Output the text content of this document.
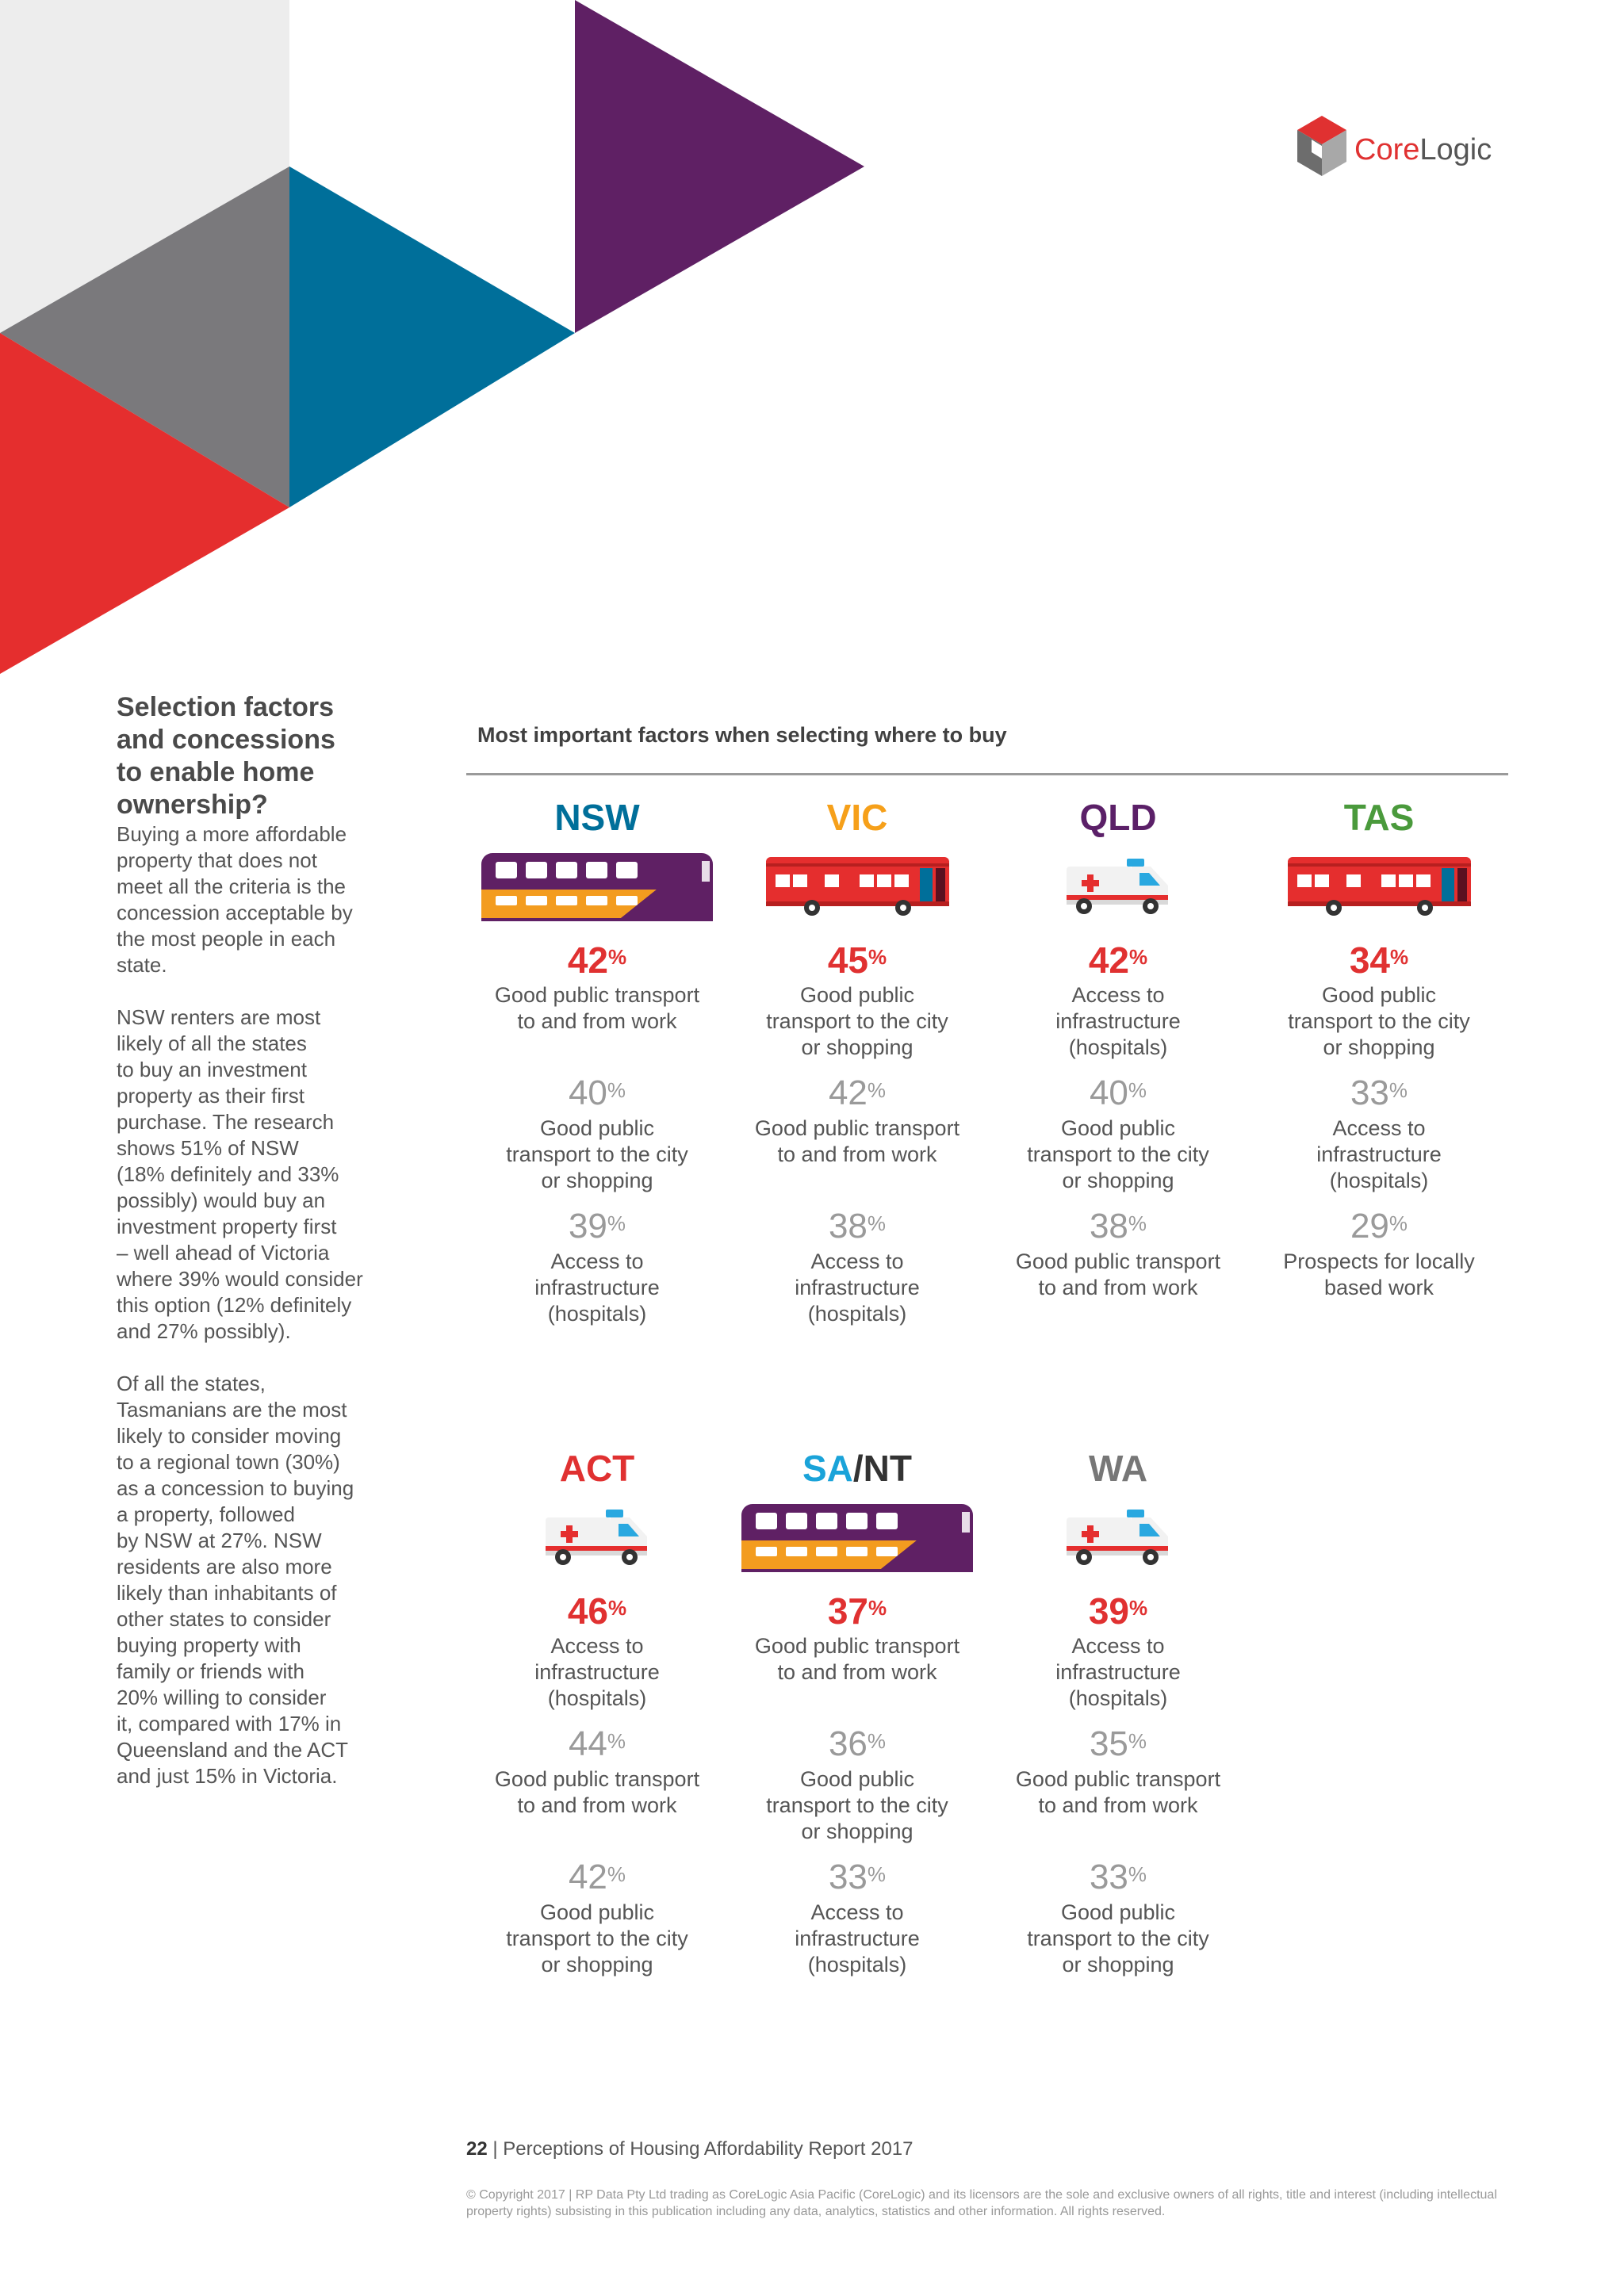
CoreLogic
Selection factors
and concessions
to enable home
ownership?

Buying a more affordable
property that does not
meet all the criteria is the
concession acceptable by
the most people in each
state.

NSW renters are most
likely of all the states
to buy an investment
property as their first
purchase. The research
shows 51% of NSW
(18% definitely and 33%
possibly) would buy an
investment property first
– well ahead of Victoria
where 39% would consider
this option (12% definitely
and 27% possibly).

Of all the states,
Tasmanians are the most
likely to consider moving
to a regional town (30%)
as a concession to buying
a property, followed
by NSW at 27%. NSW
residents are also more
likely than inhabitants of
other states to consider
buying property with
family or friends with
20% willing to consider
it, compared with 17% in
Queensland and the ACT
and just 15% in Victoria.

Most important factors when selecting where to buy
NSW
42%
Good public transport
to and from work
40%
Good public
transport to the city
or shopping
39%
Access to
infrastructure
(hospitals)
VIC
45%
Good public
transport to the city
or shopping
42%
Good public transport
to and from work
38%
Access to
infrastructure
(hospitals)
QLD
42%
Access to
infrastructure
(hospitals)
40%
Good public
transport to the city
or shopping
38%
Good public transport
to and from work
TAS
34%
Good public
transport to the city
or shopping
33%
Access to
infrastructure
(hospitals)
29%
Prospects for locally
based work
ACT
46%
Access to
infrastructure
(hospitals)
44%
Good public transport
to and from work
42%
Good public
transport to the city
or shopping
SA/NT
37%
Good public transport
to and from work
36%
Good public
transport to the city
or shopping
33%
Access to
infrastructure
(hospitals)
WA
39%
Access to
infrastructure
(hospitals)
35%
Good public transport
to and from work
33%
Good public
transport to the city
or shopping
22 | Perceptions of Housing Affordability Report 2017
© Copyright 2017 | RP Data Pty Ltd trading as CoreLogic Asia Pacific (CoreLogic) and its licensors are the sole and exclusive owners of all rights, title and interest (including intellectual property rights) subsisting in this publication including any data, analytics, statistics and other information. All rights reserved.
